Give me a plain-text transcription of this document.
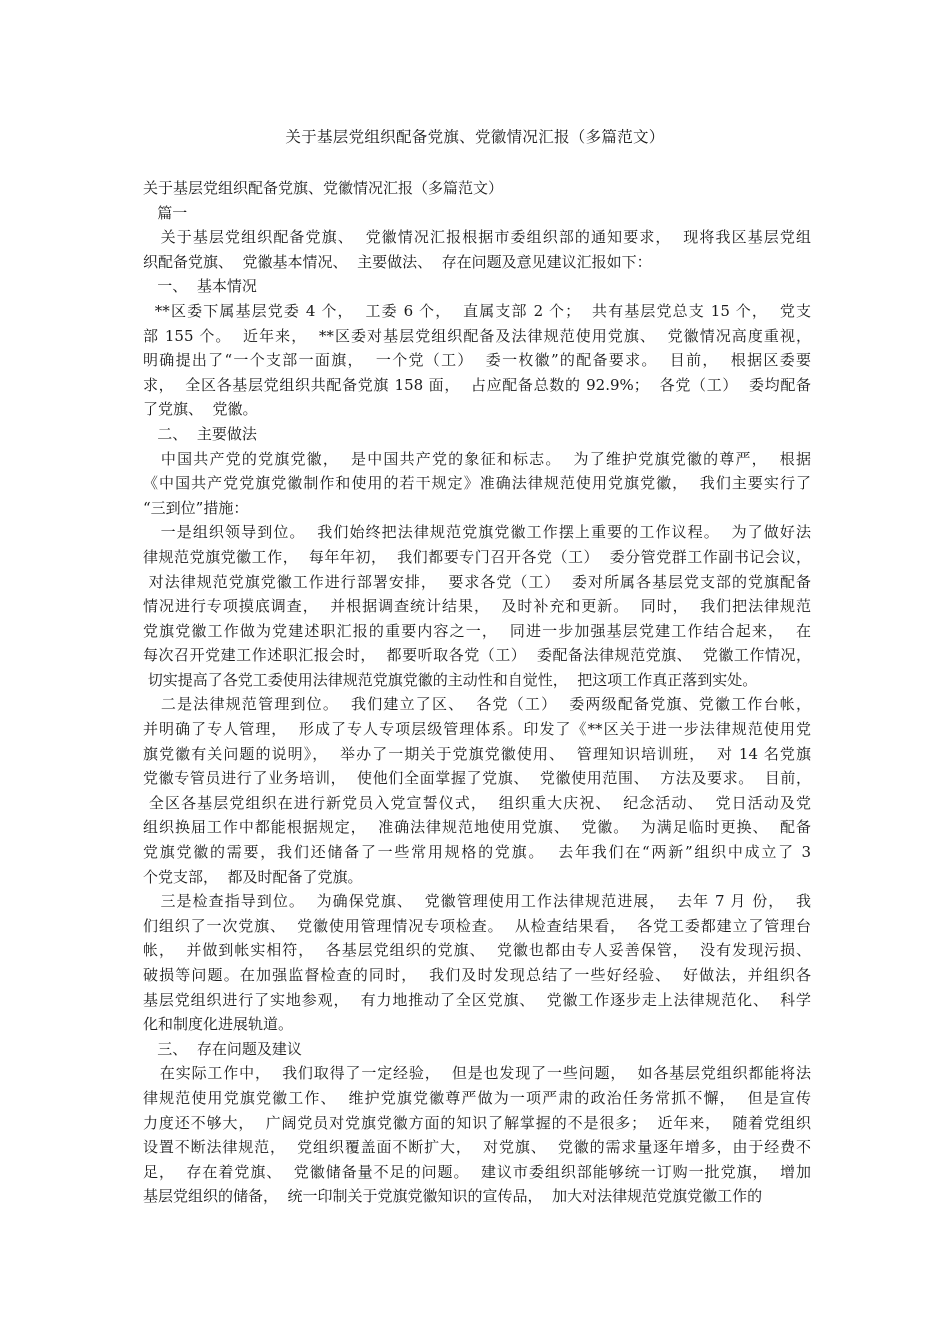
关于基层党组织配备党旗、党徽情况汇报（多篇范文）
关于基层党组织配备党旗、党徽情况汇报（多篇范文）
篇一
关于基层党组织配备党旗、  党徽情况汇报根据市委组织部的通知要求，  现将我区基层党组
织配备党旗、  党徽基本情况、  主要做法、  存在问题及意见建议汇报如下：
一、  基本情况
**区委下属基层党委 4 个，  工委 6 个，  直属支部 2 个；  共有基层党总支 15 个，  党支
部 155 个。  近年来，  **区委对基层党组织配备及法律规范使用党旗、  党徽情况高度重视，
明确提出了“一个支部一面旗，  一个党（工）  委一枚徽”的配备要求。  目前，  根据区委要
求，  全区各基层党组织共配备党旗 158 面，  占应配备总数的 92.9%；  各党（工）  委均配备
了党旗、  党徽。
二、  主要做法
中国共产党的党旗党徽，  是中国共产党的象征和标志。  为了维护党旗党徽的尊严，  根据
《中国共产党党旗党徽制作和使用的若干规定》准确法律规范使用党旗党徽，  我们主要实行了
“三到位”措施：
一是组织领导到位。  我们始终把法律规范党旗党徽工作摆上重要的工作议程。  为了做好法
律规范党旗党徽工作，  每年年初，  我们都要专门召开各党（工）  委分管党群工作副书记会议，
对法律规范党旗党徽工作进行部署安排，  要求各党（工）  委对所属各基层党支部的党旗配备
情况进行专项摸底调查，  并根据调查统计结果，  及时补充和更新。  同时，  我们把法律规范
党旗党徽工作做为党建述职汇报的重要内容之一，  同进一步加强基层党建工作结合起来，  在
每次召开党建工作述职汇报会时，  都要听取各党（工）  委配备法律规范党旗、  党徽工作情况，
切实提高了各党工委使用法律规范党旗党徽的主动性和自觉性，  把这项工作真正落到实处。
二是法律规范管理到位。  我们建立了区、  各党（工）  委两级配备党旗、党徽工作台帐，
并明确了专人管理，  形成了专人专项层级管理体系。印发了《**区关于进一步法律规范使用党
旗党徽有关问题的说明》，  举办了一期关于党旗党徽使用、  管理知识培训班，  对 14 名党旗
党徽专管员进行了业务培训，  使他们全面掌握了党旗、  党徽使用范围、  方法及要求。  目前，
全区各基层党组织在进行新党员入党宣誓仪式，  组织重大庆祝、  纪念活动、  党日活动及党
组织换届工作中都能根据规定，  准确法律规范地使用党旗、  党徽。  为满足临时更换、  配备
党旗党徽的需要，我们还储备了一些常用规格的党旗。  去年我们在“两新”组织中成立了 3
个党支部，  都及时配备了党旗。
三是检查指导到位。  为确保党旗、  党徽管理使用工作法律规范进展，  去年 7 月 份，  我
们组织了一次党旗、  党徽使用管理情况专项检查。  从检查结果看，  各党工委都建立了管理台
帐，  并做到帐实相符，  各基层党组织的党旗、  党徽也都由专人妥善保管，  没有发现污损、
破损等问题。在加强监督检查的同时，  我们及时发现总结了一些好经验、  好做法，并组织各
基层党组织进行了实地参观，  有力地推动了全区党旗、  党徽工作逐步走上法律规范化、  科学
化和制度化进展轨道。
三、  存在问题及建议
在实际工作中，  我们取得了一定经验，  但是也发现了一些问题，  如各基层党组织都能将法
律规范使用党旗党徽工作、  维护党旗党徽尊严做为一项严肃的政治任务常抓不懈，  但是宣传
力度还不够大，  广阔党员对党旗党徽方面的知识了解掌握的不是很多；  近年来，  随着党组织
设置不断法律规范，  党组织覆盖面不断扩大，  对党旗、  党徽的需求量逐年增多，由于经费不
足，  存在着党旗、  党徽储备量不足的问题。  建议市委组织部能够统一订购一批党旗，  增加
基层党组织的储备，  统一印制关于党旗党徽知识的宣传品，  加大对法律规范党旗党徽工作的
